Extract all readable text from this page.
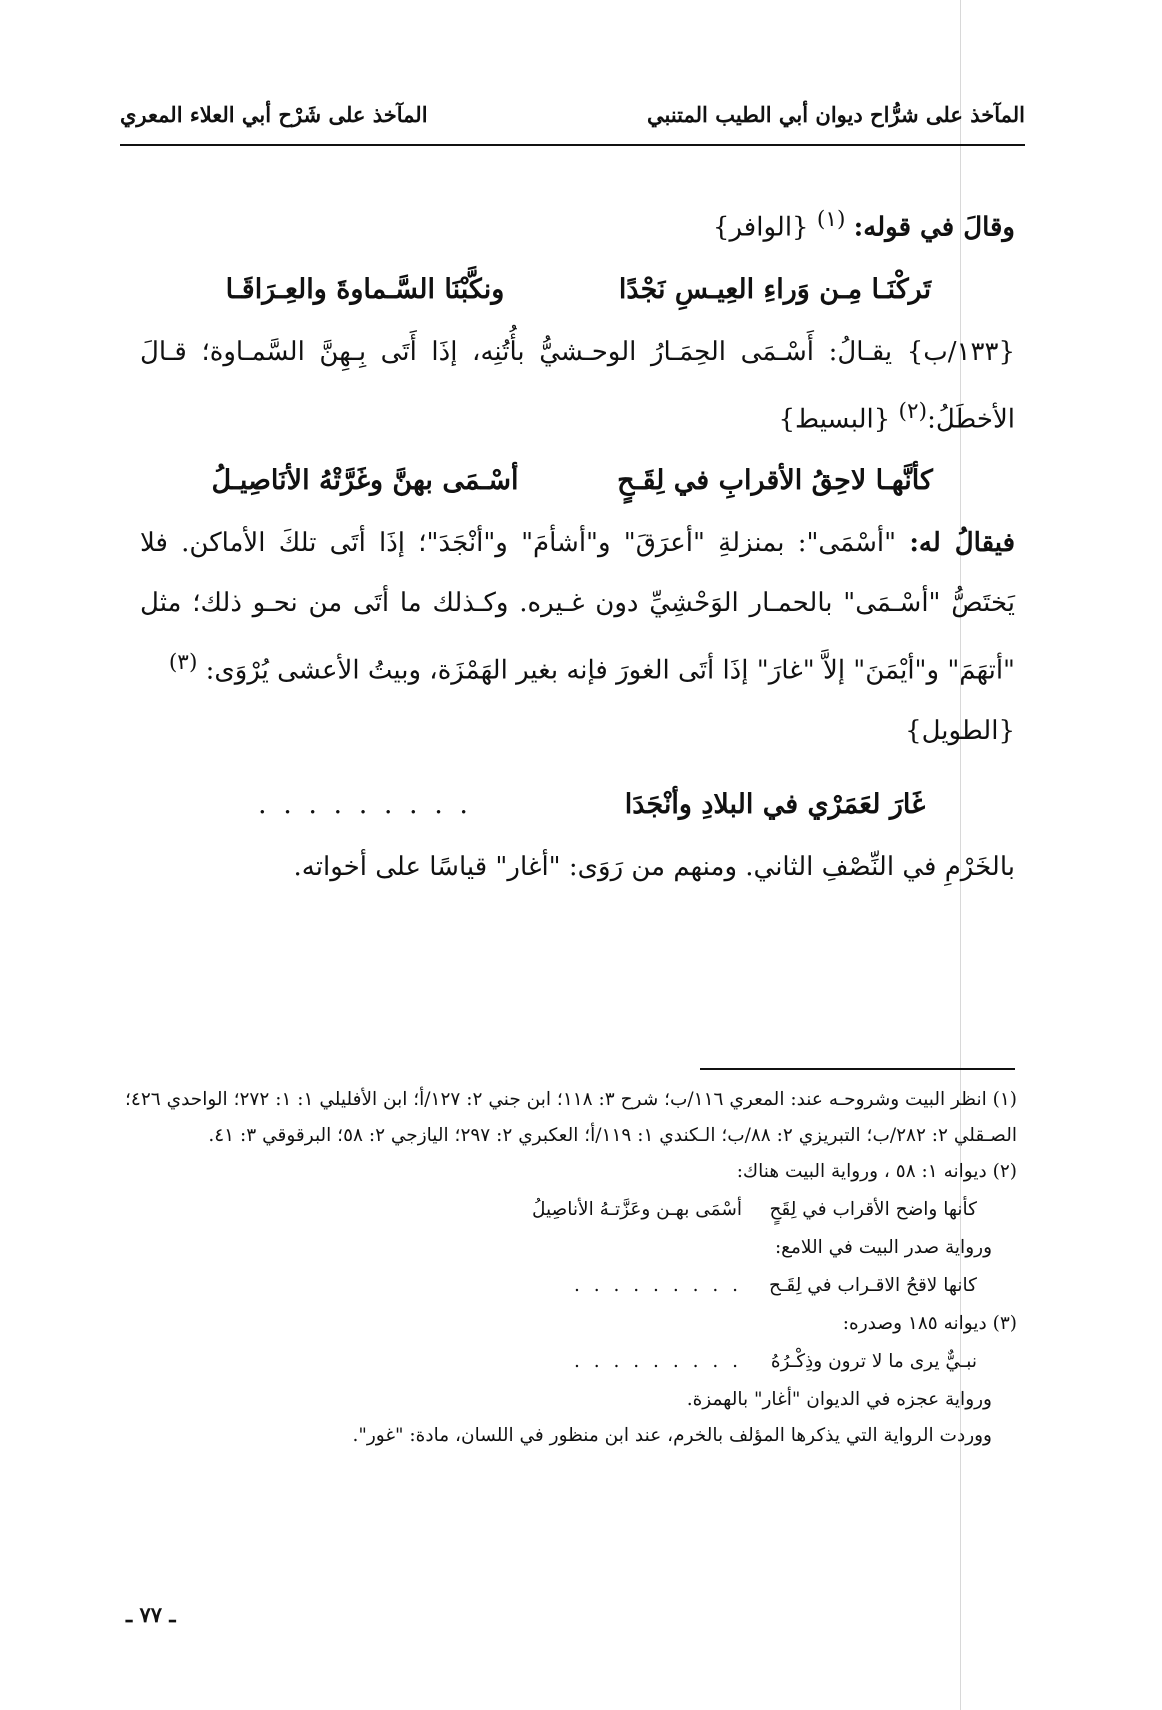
المآخذ على شرُّاح ديوان أبي الطيب المتنبي
المآخذ على شَرْح أبي العلاء المعري

وقالَ في قوله: $^{(١)}$ {الوافر}

تَركْنَـا مِـن وَراءِ العِيـسِ نَجْدًا
ونكَّبْنَا السَّـماوةَ والعِـرَاقَـا

{١٣٣/ب} يقـالُ: أَسْـمَى الحِمَـارُ الوحـشيُّ بأُتُنِه، إذَا أَتَى بِـهِنَّ السَّمـاوة؛ قـالَ الأخطَلُ:$^{(٢)}$ {البسيط}

كأنَّهـا لاحِقُ الأقرابِ في لِقَـحٍ
أسْـمَى بهنَّ وغَرَّتْهُ الأنَاصِيـلُ

فيقالُ له: "أسْمَى": بمنزلةِ "أعرَقَ" و"أشأمَ" و"أنْجَدَ"؛ إذَا أتَى تلكَ الأماكن. فلا يَختَصُّ "أسْـمَى" بالحمـار الوَحْشِيِّ دون غـيره. وكـذلك ما أتَى من نحـو ذلك؛ مثل "أتهَمَ" و"أيْمَنَ" إلاَّ "غارَ" إذَا أتَى الغورَ فإنه بغير الهَمْزَة، وبيتُ الأعشى يُرْوَى: $^{(٣)}$
{الطويل}

غَارَ لعَمَرْي في البلادِ وأنْجَدَا
. . . . . . . . .

بالخَرْمِ في النِّصْفِ الثاني. ومنهم من رَوَى: "أغار" قياسًا على أخواته.

(١) انظر البيت وشروحـه عند: المعري ١١٦/ب؛ شرح ٣: ١١٨؛ ابن جني ٢: ١٢٧/أ؛ ابن الأفليلي ١: ١: ٢٧٢؛ الواحدي ٤٢٦؛ الصـقلي ٢: ٢٨٢/ب؛ التبريزي ٢: ٨٨/ب؛ الـكندي ١: ١١٩/أ؛ العكبري ٢: ٢٩٧؛ اليازجي ٢: ٥٨؛ البرقوقي ٣: ٤١.

(٢) ديوانه ١: ٥٨ ، ورواية البيت هناك:

كأنها واضح الأقراب في لِقَحٍ
أسْمَى بهـن وعَزَّتـهُ الأناصِيلُ

ورواية صدر البيت في اللامع:

كانها لاقحُ الاقـراب في لِقَـح
. . . . . . . . .

(٣) ديوانه ١٨٥ وصدره:

نبـيٌّ يرى ما لا ترون وذِكْـرُهُ
. . . . . . . . .

ورواية عجزه في الديوان "أغار" بالهمزة.

ووردت الرواية التي يذكرها المؤلف بالخرم، عند ابن منظور في اللسان، مادة: "غور".

ـ ٧٧ ـ
